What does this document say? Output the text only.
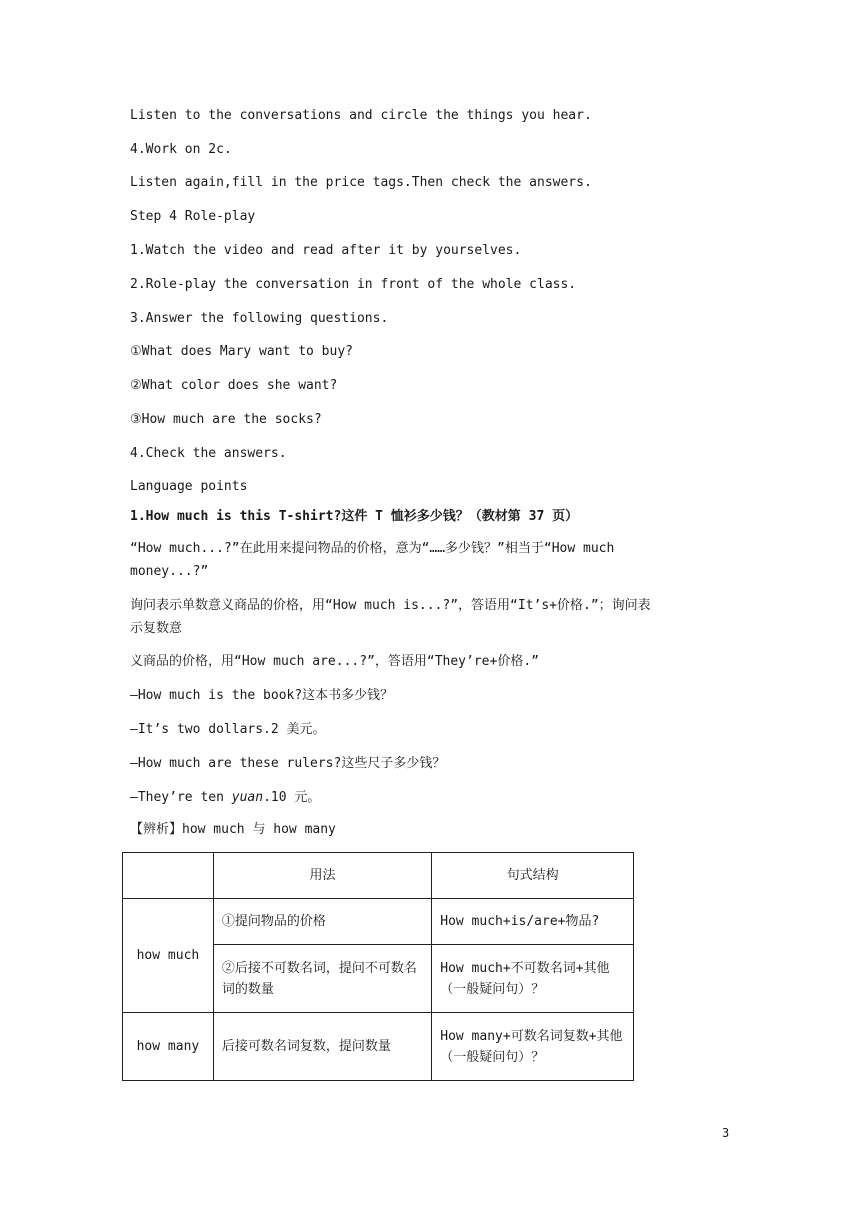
Listen to the conversations and circle the things you hear.
4.Work on 2c.
Listen again,fill in the price tags.Then check the answers.
Step 4 Role-play
1.Watch the video and read after it by yourselves.
2.Role-play the conversation in front of the whole class.
3.Answer the following questions.
①What does Mary want to buy?
②What color does she want?
③How much are the socks?
4.Check the answers.
Language points
1.How much is this T-shirt?这件 T 恤衫多少钱？（教材第 37 页）
“How much...?”在此用来提问物品的价格，意为“……多少钱？”相当于“How much
money...?”
询问表示单数意义商品的价格，用“How much is...?”，答语用“It’s+价格.”；询问表
示复数意
义商品的价格，用“How much are...?”，答语用“They’re+价格.”
—How much is the book?这本书多少钱？
—It’s two dollars.2 美元。
—How much are these rulers?这些尺子多少钱？
—They’re ten yuan.10 元。
【辨析】how much 与 how many
	用法	句式结构
how much	①提问物品的价格	How much+is/are+物品?
	②后接不可数名词，提问不可数名词的数量	How much+不可数名词+其他（一般疑问句）？
how many	后接可数名词复数，提问数量	How many+可数名词复数+其他（一般疑问句）？
3
